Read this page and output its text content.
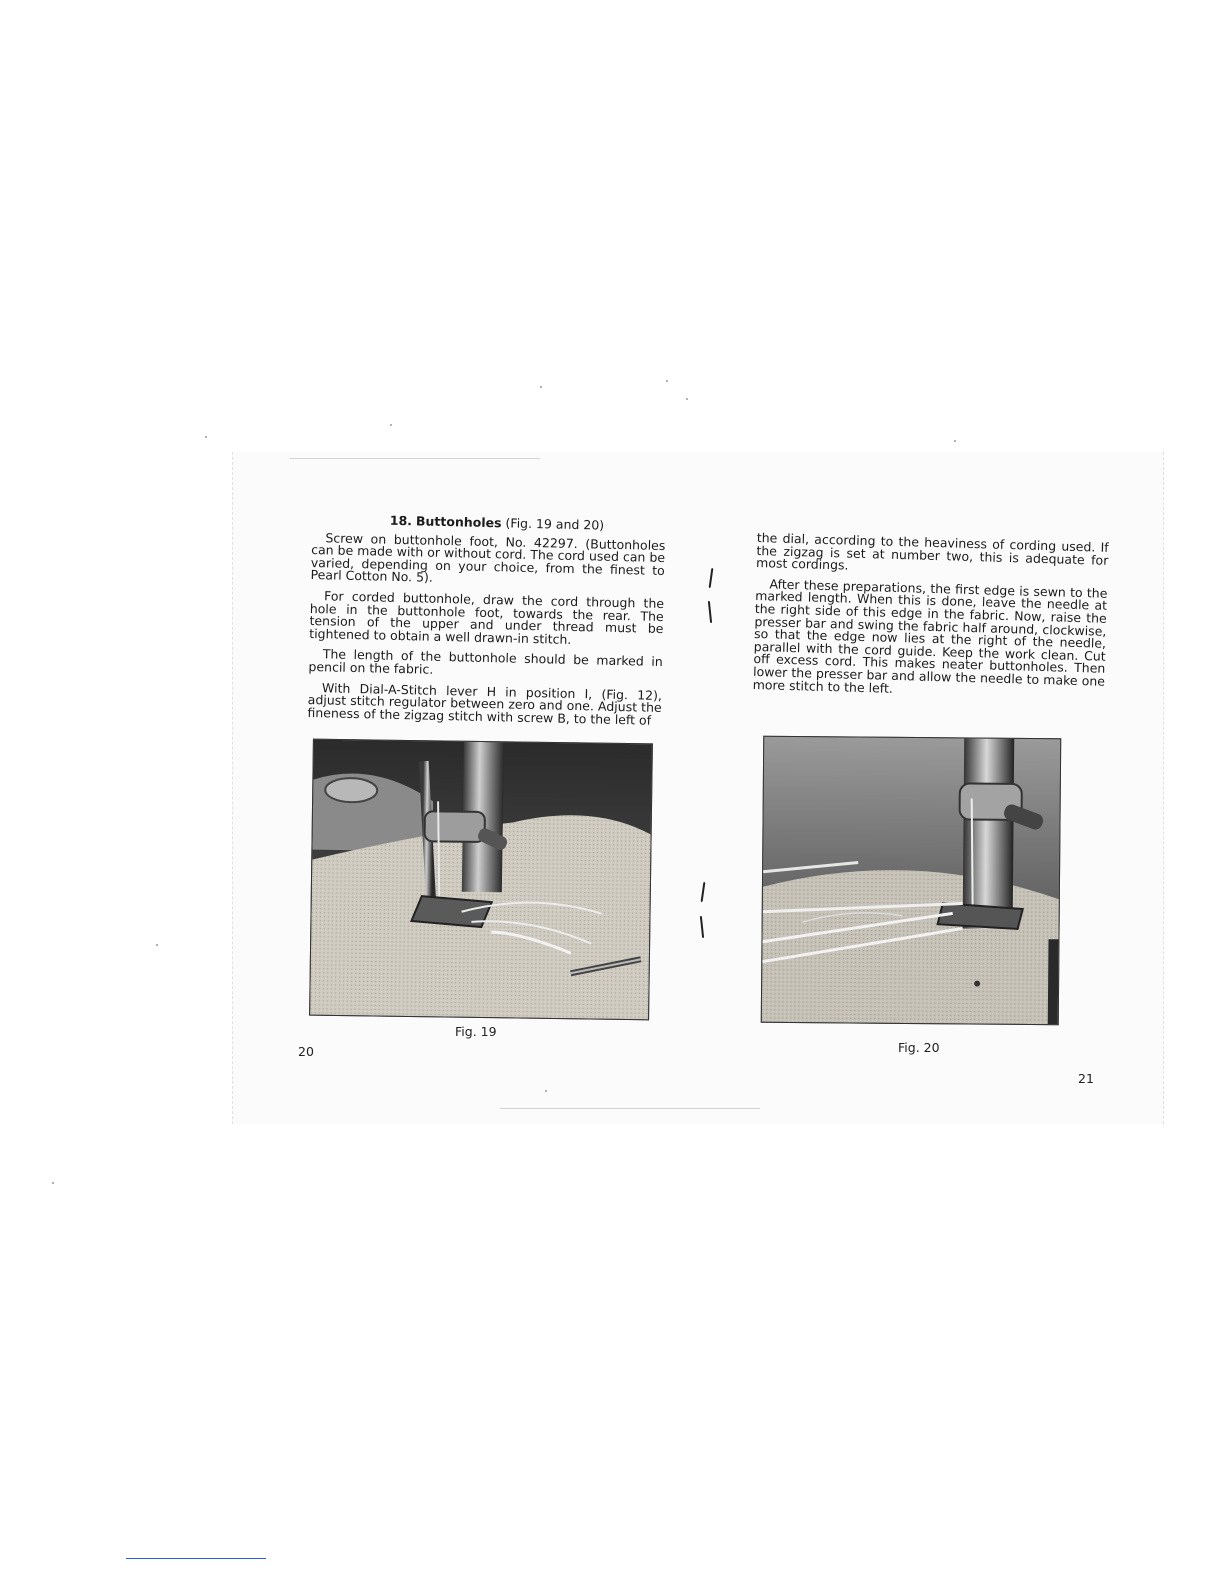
18. Buttonholes (Fig. 19 and 20)

Screw on buttonhole foot, No. 42297. (Buttonholes can be made with or without cord. The cord used can be varied, depending on your choice, from the finest to Pearl Cotton No. 5).

For corded buttonhole, draw the cord through the hole in the buttonhole foot, towards the rear. The tension of the upper and under thread must be tightened to obtain a well drawn-in stitch.

The length of the buttonhole should be marked in pencil on the fabric.

With Dial-A-Stitch lever H in position I, (Fig. 12), adjust stitch regulator between zero and one. Adjust the fineness of the zigzag stitch with screw B, to the left of

the dial, according to the heaviness of cording used. If the zigzag is set at number two, this is adequate for most cordings.

After these preparations, the first edge is sewn to the marked length. When this is done, leave the needle at the right side of this edge in the fabric. Now, raise the presser bar and swing the fabric half around, clockwise, so that the edge now lies at the right of the needle, parallel with the cord guide. Keep the work clean. Cut off excess cord. This makes neater buttonholes. Then lower the presser bar and allow the needle to make one more stitch to the left.

Fig. 19
Fig. 20
20
21
